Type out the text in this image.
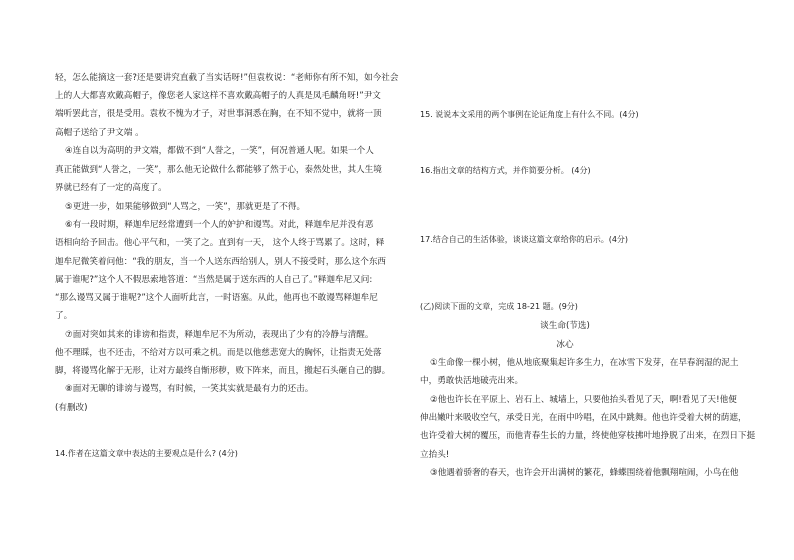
轻，怎么能摘这一套?还是要讲究直截了当实话呀!”但袁枚说：“老师你有所不知，如今社会
上的人大都喜欢戴高帽子，像您老人家这样不喜欢戴高帽子的人真是凤毛麟角呀!”尹文
端听罢此言，很是受用。袁枚不愧为才子，对世事洞悉在胸，在不知不觉中，就将一顶
高帽子送给了尹文端 。
④连自以为高明的尹文端，都做不到“人誉之，一笑”，何况普通人呢。如果一个人
真正能做到“人誉之，一笑”，那么他无论做什么都能够了然于心，泰然处世，其人生境
界就已经有了一定的高度了。
⑤更进一步，如果能够做到“人骂之，一笑”，那就更是了不得。
⑥有一段时期，释迦牟尼经常遭到一个人的妒护和谩骂。对此，释迦牟尼并没有恶
语相向给予回击。他心平气和，一笑了之。直到有一天， 这个人终于骂累了。这时，释
迦牟尼微笑着问他：“我的朋友，当一个人送东西给别人，别人不接受时，那么这个东西
属于谁呢?”这个人不假思索地答道：“当然是属于送东西的人自己了。”释迦牟尼又问:
“那么谩骂又属于谁呢?”这个人面听此言，一时语塞。从此，他再也不敢谩骂释迦牟尼
了。
⑦面对突如其来的诽谤和指责，释迦牟尼不为所动，表现出了少有的冷静与清醒。
他不理睬，也不还击，不给对方以可乘之机。而是以他慈悲宽大的胸怀，让指责无处落
脚，将谩骂化解于无形，让对方最终自惭形秽，败下阵来，而且，搬起石头砸自己的脚。
⑧面对无聊的诽谤与谩骂，有时候，一笑其实就是最有力的还击。
(有删改)
14.作者在这篇文章中表达的主要观点是什么? (4分)
15. 说说本文采用的两个事例在论证角度上有什么不同。(4分)
16.指出文章的结构方式，并作简要分析。 (4分)
17.结合自己的生活体验，谈谈这篇文章给你的启示。(4分)
(乙)阅读下面的文章，完成 18-21 题。(9分)
谈生命(节选)
冰心
①生命像一棵小树，他从地底聚集起许多生力，在冰雪下发芽，在早春润湿的泥土
中，勇敢快活地破壳出来。
②他也许长在平原上、岩石上、城墙上，只要他抬头看见了天，啊!看见了天!他便
伸出嫩叶来吸收空气，承受日光，在雨中吟唱，在风中跳舞。他也许受着大树的荫遮，
也许受着大树的覆压，而他青春生长的力量，终使他穿枝拂叶地挣脱了出来，在烈日下挺
立抬头!
③他遇着骄奢的春天，也许会开出满树的繁花，蜂蝶围绕着他飘翔喧闹，小鸟在他
